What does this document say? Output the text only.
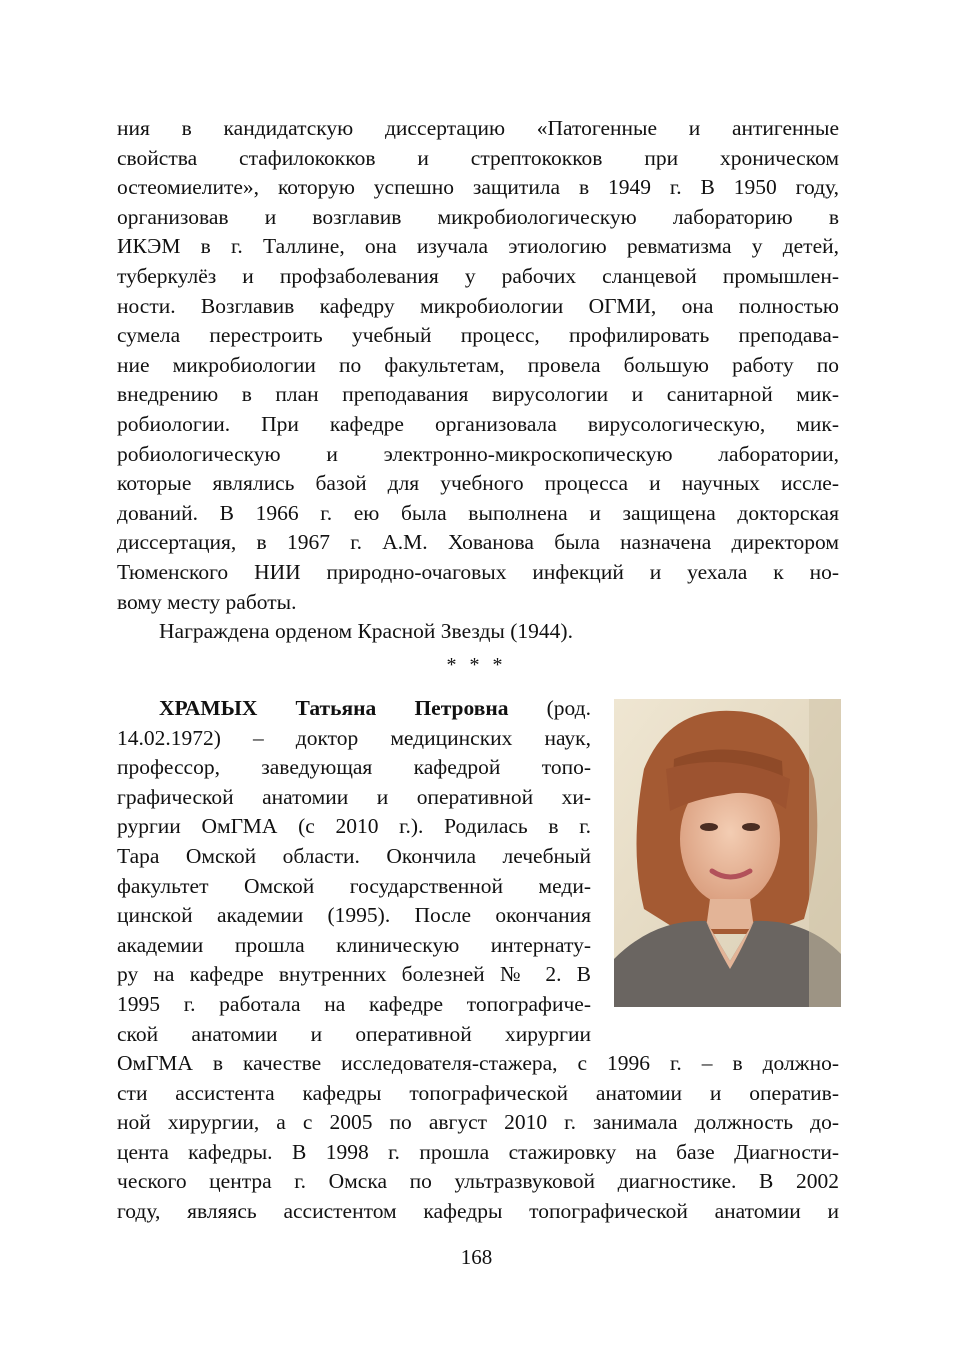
ния в кандидатскую диссертацию «Патогенные и антигенные
свойства стафилококков и стрептококков при хроническом
остеомиелите», которую успешно защитила в 1949 г. В 1950 году,
организовав и возглавив микробиологическую лабораторию в
ИКЭМ в г. Таллине, она изучала этиологию ревматизма у детей,
туберкулёз и профзаболевания у рабочих сланцевой промышлен-
ности. Возглавив кафедру микробиологии ОГМИ, она полностью
сумела перестроить учебный процесс, профилировать преподава-
ние микробиологии по факультетам, провела большую работу по
внедрению в план преподавания вирусологии и санитарной мик-
робиологии. При кафедре организовала вирусологическую, мик-
робиологическую и электронно-микроскопическую лаборатории,
которые являлись базой для учебного процесса и научных иссле-
дований. В 1966 г. ею была выполнена и защищена докторская
диссертация, в 1967 г. А.М. Хованова была назначена директором
Тюменского НИИ природно-очаговых инфекций и уехала к но-
вому месту работы.
Награждена орденом Красной Звезды (1944).
* * *
ХРАМЫХ Татьяна Петровна (род.
14.02.1972) – доктор медицинских наук,
профессор, заведующая кафедрой топо-
графической анатомии и оперативной хи-
рургии ОмГМА (с 2010 г.). Родилась в г.
Тара Омской области. Окончила лечебный
факультет Омской государственной меди-
цинской академии (1995). После окончания
академии прошла клиническую интернату-
ру на кафедре внутренних болезней № 2. В
1995 г. работала на кафедре топографиче-
ской анатомии и оперативной хирургии
ОмГМА в качестве исследователя-стажера, с 1996 г. – в должно-
сти ассистента кафедры топографической анатомии и оператив-
ной хирургии, а с 2005 по август 2010 г. занимала должность до-
цента кафедры. В 1998 г. прошла стажировку на базе Диагности-
ческого центра г. Омска по ультразвуковой диагностике. В 2002
году, являясь ассистентом кафедры топографической анатомии и
168
